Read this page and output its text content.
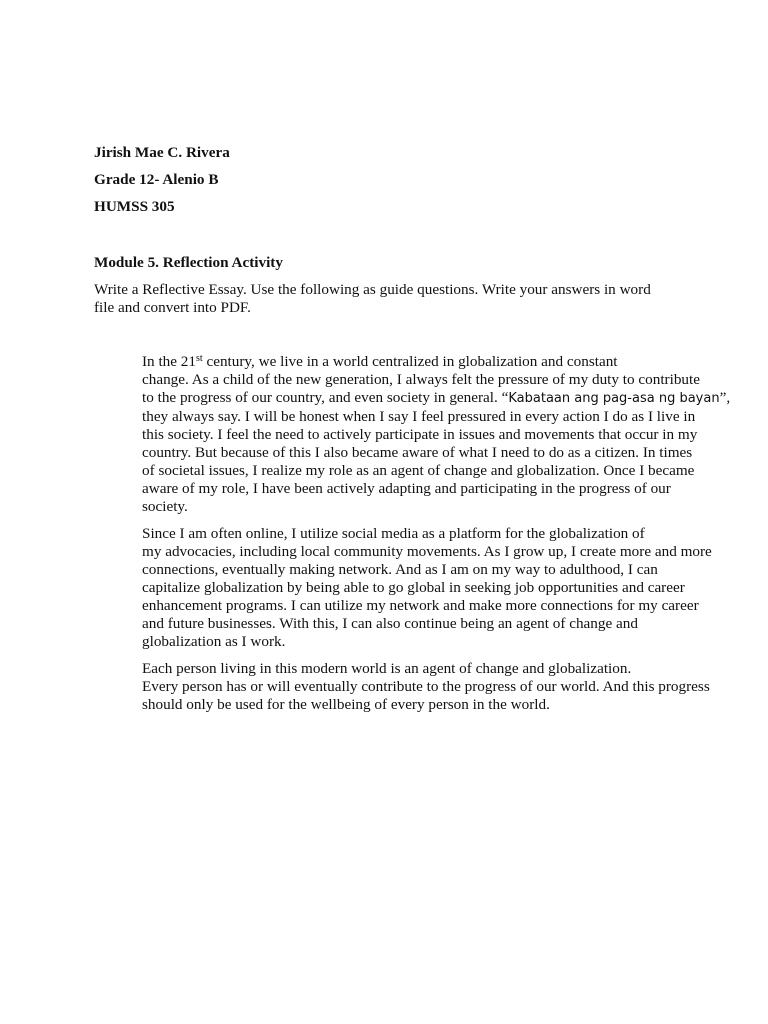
Jirish Mae C. Rivera

Grade 12- Alenio B

HUMSS 305

Module 5. Reflection Activity

Write a Reflective Essay. Use the following as guide questions. Write your answers in word
file and convert into PDF.

In the 21st century, we live in a world centralized in globalization and constant
change. As a child of the new generation, I always felt the pressure of my duty to contribute
to the progress of our country, and even society in general. “Kabataan ang pag-asa ng bayan”,
they always say. I will be honest when I say I feel pressured in every action I do as I live in
this society. I feel the need to actively participate in issues and movements that occur in my
country. But because of this I also became aware of what I need to do as a citizen. In times
of societal issues, I realize my role as an agent of change and globalization. Once I became
aware of my role, I have been actively adapting and participating in the progress of our
society.

Since I am often online, I utilize social media as a platform for the globalization of
my advocacies, including local community movements. As I grow up, I create more and more
connections, eventually making network. And as I am on my way to adulthood, I can
capitalize globalization by being able to go global in seeking job opportunities and career
enhancement programs. I can utilize my network and make more connections for my career
and future businesses. With this, I can also continue being an agent of change and
globalization as I work.

Each person living in this modern world is an agent of change and globalization.
Every person has or will eventually contribute to the progress of our world. And this progress
should only be used for the wellbeing of every person in the world.
